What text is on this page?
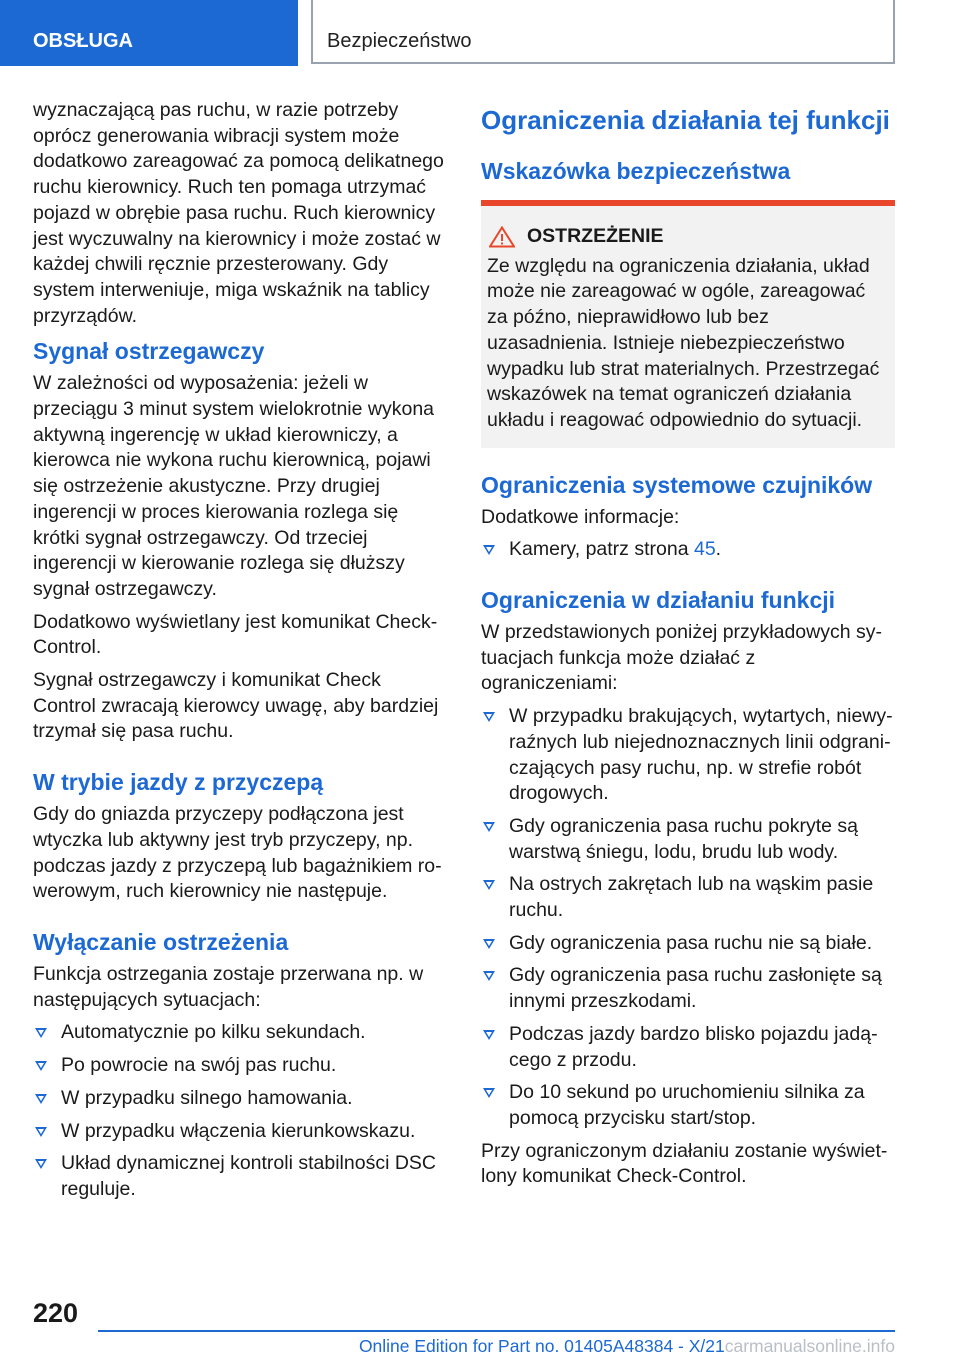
OBSŁUGA	Bezpieczeństwo

wyznaczającą pas ruchu, w razie potrzeby oprócz generowania wibracji system może dodatkowo zareagować za pomocą delikatnego ruchu kierownicy. Ruch ten pomaga utrzymać pojazd w obrębie pasa ruchu. Ruch kierownicy jest wyczuwalny na kierownicy i może zostać w każdej chwili ręcznie przesterowany. Gdy system interweniuje, miga wskaźnik na tablicy przyrządów.

Sygnał ostrzegawczy

W zależności od wyposażenia: jeżeli w przeciągu 3 minut system wielokrotnie wykona aktywną ingerencję w układ kierowniczy, a kierowca nie wykona ruchu kierownicą, pojawi się ostrzeżenie akustyczne. Przy drugiej ingerencji w proces kierowania rozlega się krótki sygnał ostrzegawczy. Od trzeciej ingerencji w kierowanie rozlega się dłuższy sygnał ostrzegawczy.

Dodatkowo wyświetlany jest komunikat Check-Control.

Sygnał ostrzegawczy i komunikat Check Control zwracają kierowcy uwagę, aby bardziej trzymał się pasa ruchu.

W trybie jazdy z przyczepą

Gdy do gniazda przyczepy podłączona jest wtyczka lub aktywny jest tryb przyczepy, np. podczas jazdy z przyczepą lub bagażnikiem rowerowym, ruch kierownicy nie następuje.

Wyłączanie ostrzeżenia

Funkcja ostrzegania zostaje przerwana np. w następujących sytuacjach:

Automatycznie po kilku sekundach.
Po powrocie na swój pas ruchu.
W przypadku silnego hamowania.
W przypadku włączenia kierunkowskazu.
Układ dynamicznej kontroli stabilności DSC reguluje.
Ograniczenia działania tej funkcji
Wskazówka bezpieczeństwa
OSTRZEŻENIE

Ze względu na ograniczenia działania, układ może nie zareagować w ogóle, zareagować za późno, nieprawidłowo lub bez uzasadnienia. Istnieje niebezpieczeństwo wypadku lub strat materialnych. Przestrzegać wskazówek na temat ograniczeń działania układu i reagować odpowiednio do sytuacji.

Ograniczenia systemowe czujników

Dodatkowe informacje:

Kamery, patrz strona 45.
Ograniczenia w działaniu funkcji

W przedstawionych poniżej przykładowych sytuacjach funkcja może działać z ograniczeniami:

W przypadku brakujących, wytartych, niewyraźnych lub niejednoznacznych linii odgraniczających pasy ruchu, np. w strefie robót drogowych.
Gdy ograniczenia pasa ruchu pokryte są warstwą śniegu, lodu, brudu lub wody.
Na ostrych zakrętach lub na wąskim pasie ruchu.
Gdy ograniczenia pasa ruchu nie są białe.
Gdy ograniczenia pasa ruchu zasłonięte są innymi przeszkodami.
Podczas jazdy bardzo blisko pojazdu jadącego z przodu.
Do 10 sekund po uruchomieniu silnika za pomocą przycisku start/stop.

Przy ograniczonym działaniu zostanie wyświetlony komunikat Check-Control.

220
Online Edition for Part no. 01405A48384 - X/21carmanualsonline.info
